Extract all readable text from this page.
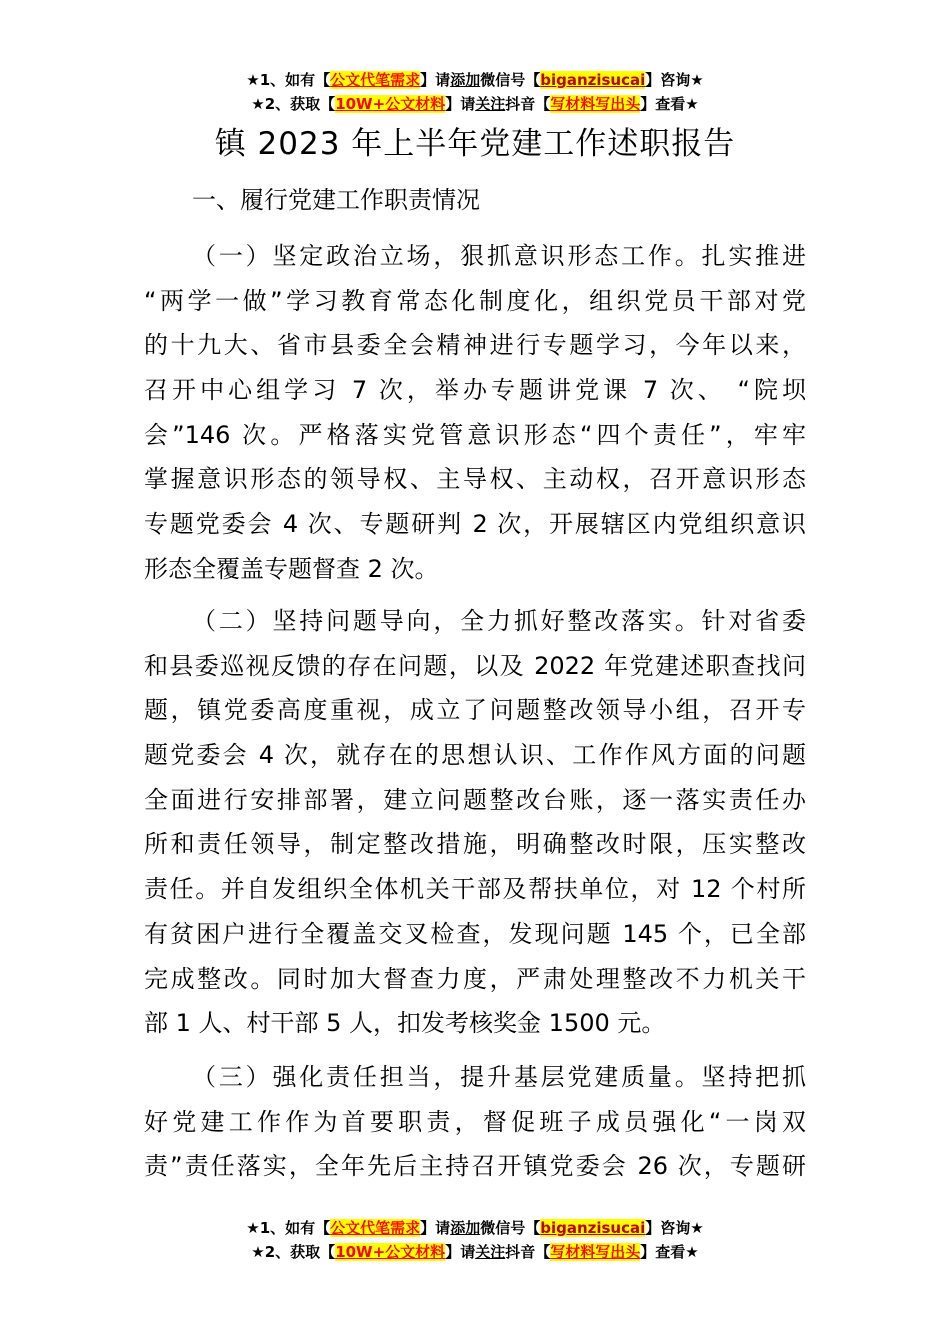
★1、如有【公文代笔需求】请添加微信号【biganzisucai】咨询★
★2、获取【10W+公文材料】请关注抖音【写材料写出头】查看★
镇 2023 年上半年党建工作述职报告
一、履行党建工作职责情况
（一）坚定政治立场，狠抓意识形态工作。扎实推进
“两学一做”学习教育常态化制度化，组织党员干部对党
的十九大、省市县委全会精神进行专题学习，今年以来，
召开中心组学习 7 次，举办专题讲党课 7 次、 “院坝
会”146 次。严格落实党管意识形态“四个责任”，牢牢
掌握意识形态的领导权、主导权、主动权，召开意识形态
专题党委会 4 次、专题研判 2 次，开展辖区内党组织意识
形态全覆盖专题督查 2 次。
（二）坚持问题导向，全力抓好整改落实。针对省委
和县委巡视反馈的存在问题，以及 2022 年党建述职查找问
题，镇党委高度重视，成立了问题整改领导小组，召开专
题党委会 4 次，就存在的思想认识、工作作风方面的问题
全面进行安排部署，建立问题整改台账，逐一落实责任办
所和责任领导，制定整改措施，明确整改时限，压实整改
责任。并自发组织全体机关干部及帮扶单位，对 12 个村所
有贫困户进行全覆盖交叉检查，发现问题 145 个，已全部
完成整改。同时加大督查力度，严肃处理整改不力机关干
部 1 人、村干部 5 人，扣发考核奖金 1500 元。
（三）强化责任担当，提升基层党建质量。坚持把抓
好党建工作作为首要职责，督促班子成员强化“一岗双
责”责任落实，全年先后主持召开镇党委会 26 次，专题研
★1、如有【公文代笔需求】请添加微信号【biganzisucai】咨询★
★2、获取【10W+公文材料】请关注抖音【写材料写出头】查看★
